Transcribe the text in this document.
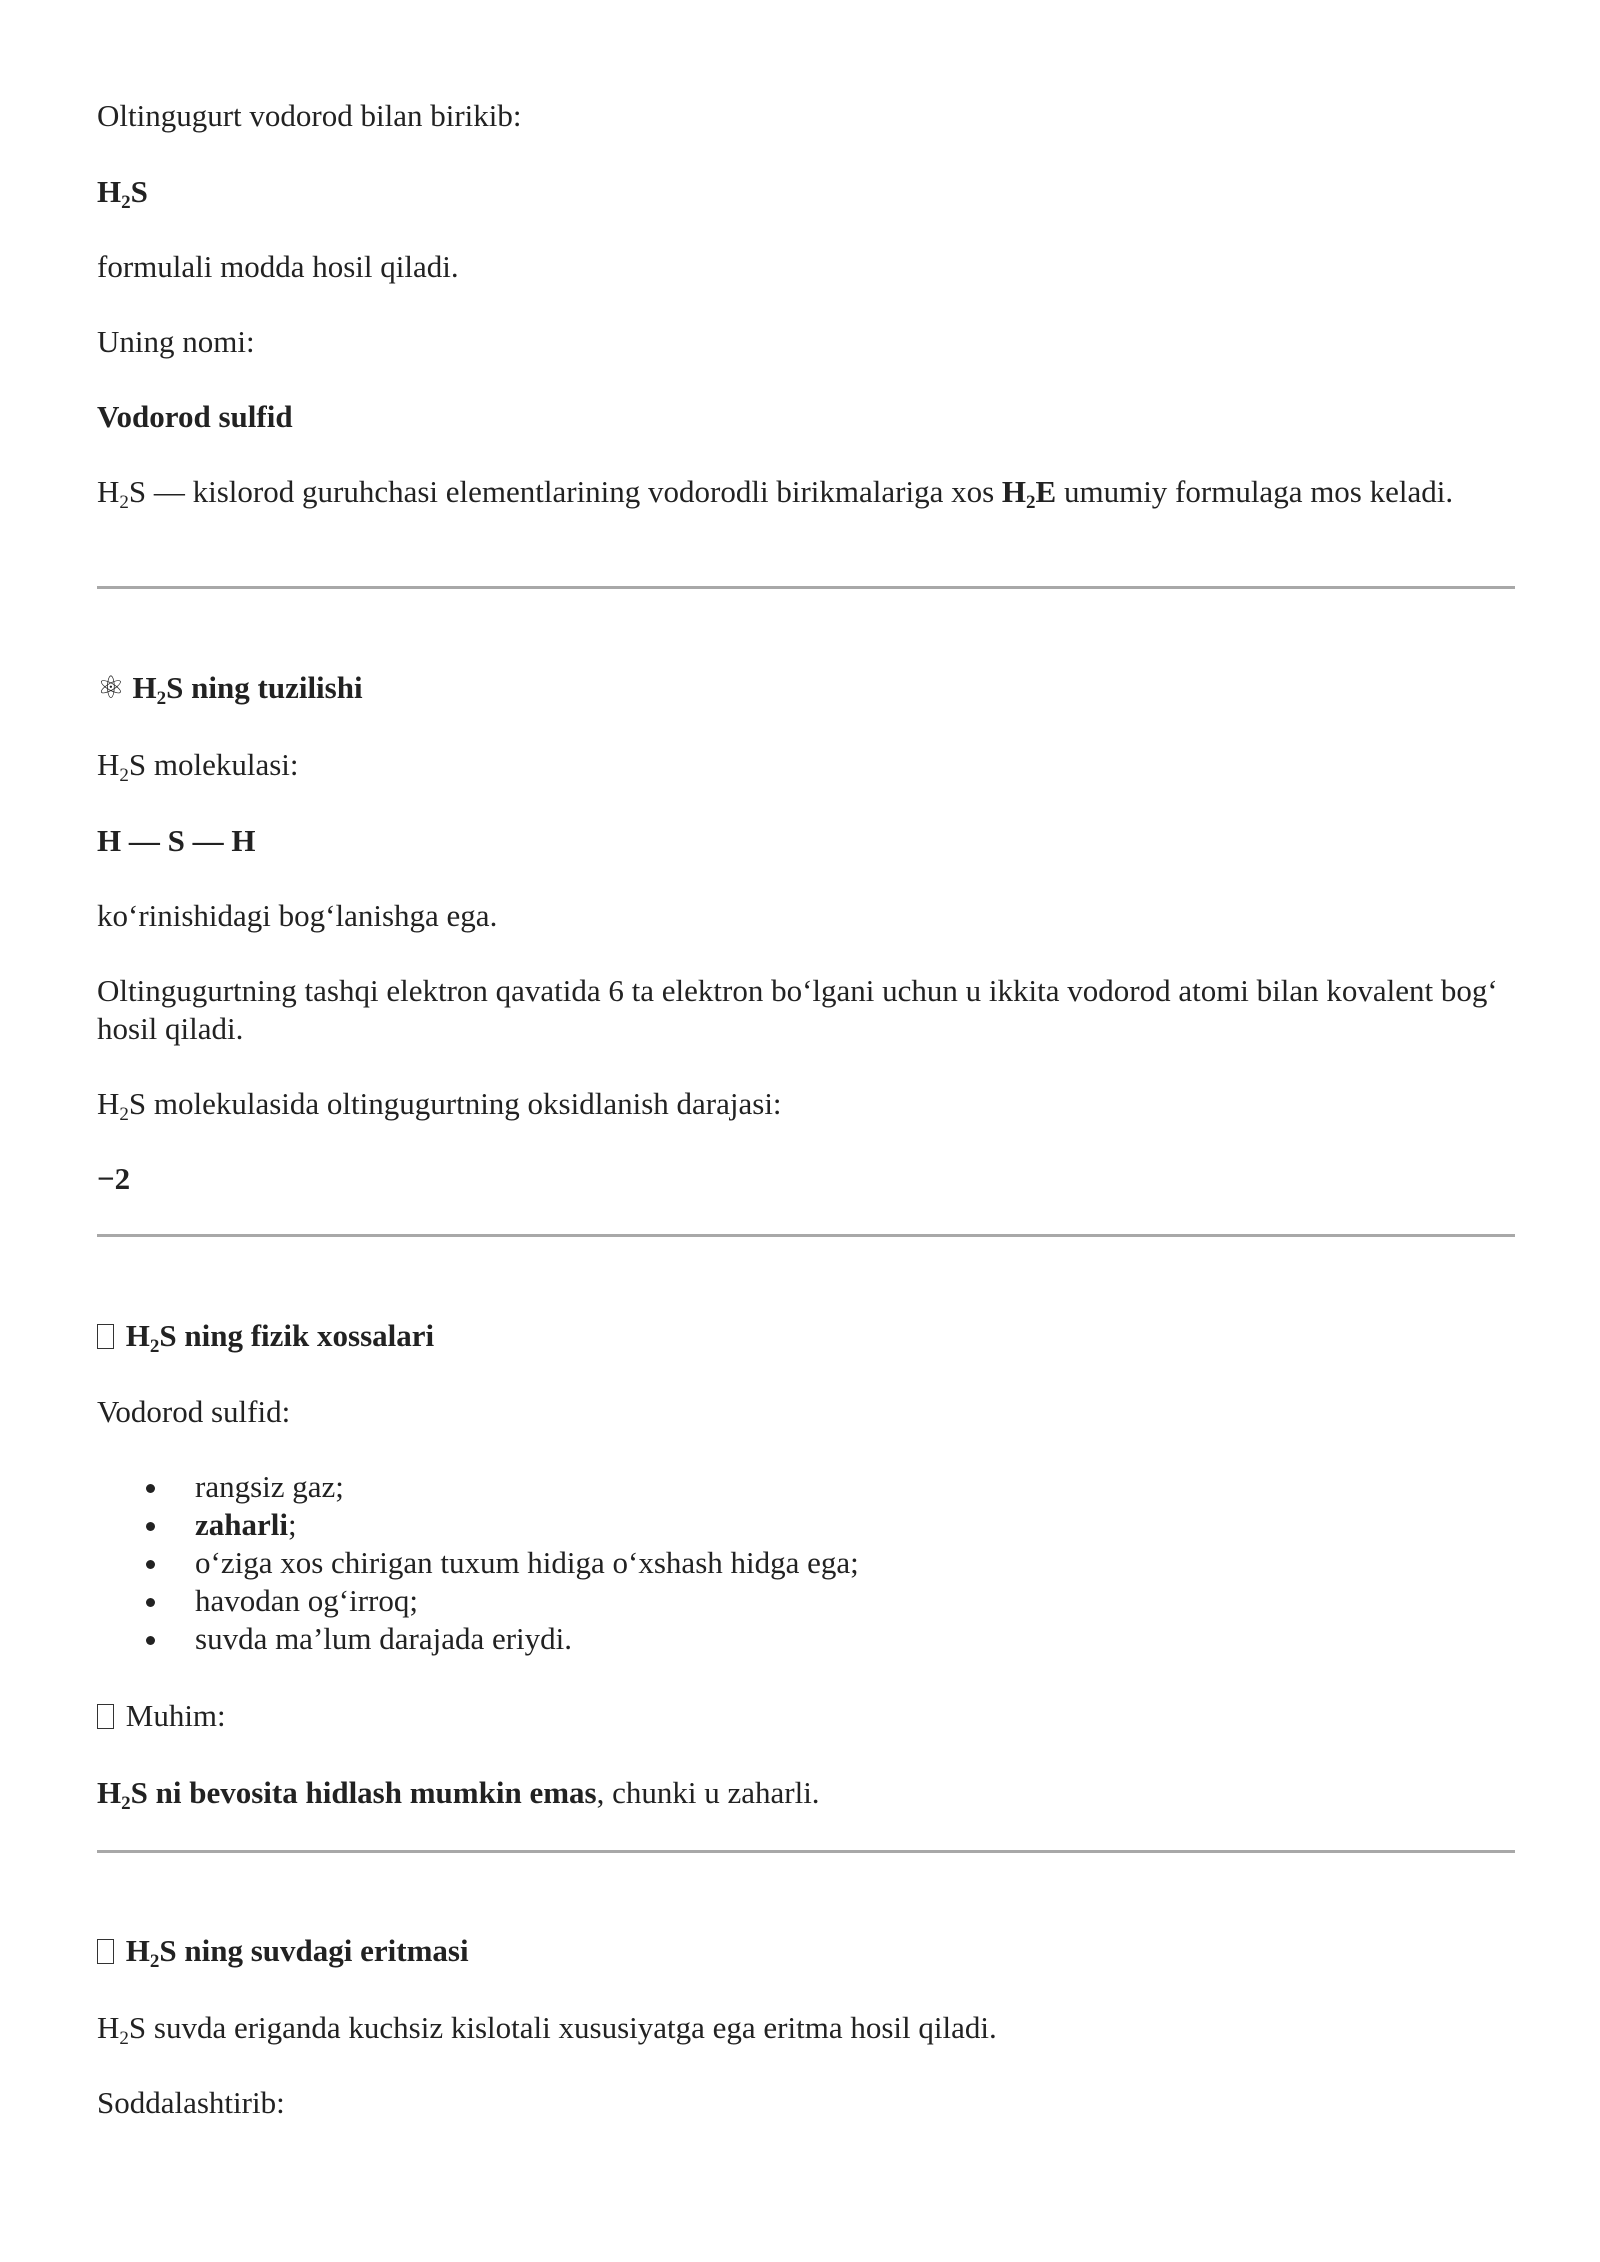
Oltingugurt vodorod bilan birikib:

$H_2S$

formulali modda hosil qiladi.

Uning nomi:

Vodorod sulfid

$H_2S$ — kislorod guruhchasi elementlarining vodorodli birikmalariga xos $H_2E$ umumiy formulaga mos keladi.

⚛ $H_2S$ ning tuzilishi

$H_2S$ molekulasi:

H — S — H

ko‘rinishidagi bog‘lanishga ega.

Oltingugurtning tashqi elektron qavatida 6 ta elektron bo‘lgani uchun u ikkita vodorod atomi bilan kovalent bog‘ hosil qiladi.

$H_2S$ molekulasida oltingugurtning oksidlanish darajasi:

−2

$H_2S$ ning fizik xossalari

Vodorod sulfid:

rangsiz gaz;
zaharli;
o‘ziga xos chirigan tuxum hidiga o‘xshash hidga ega;
havodan og‘irroq;
suvda ma’lum darajada eriydi.

Muhim:

$H_2S$ ni bevosita hidlash mumkin emas, chunki u zaharli.

$H_2S$ ning suvdagi eritmasi

$H_2S$ suvda eriganda kuchsiz kislotali xususiyatga ega eritma hosil qiladi.

Soddalashtirib:
